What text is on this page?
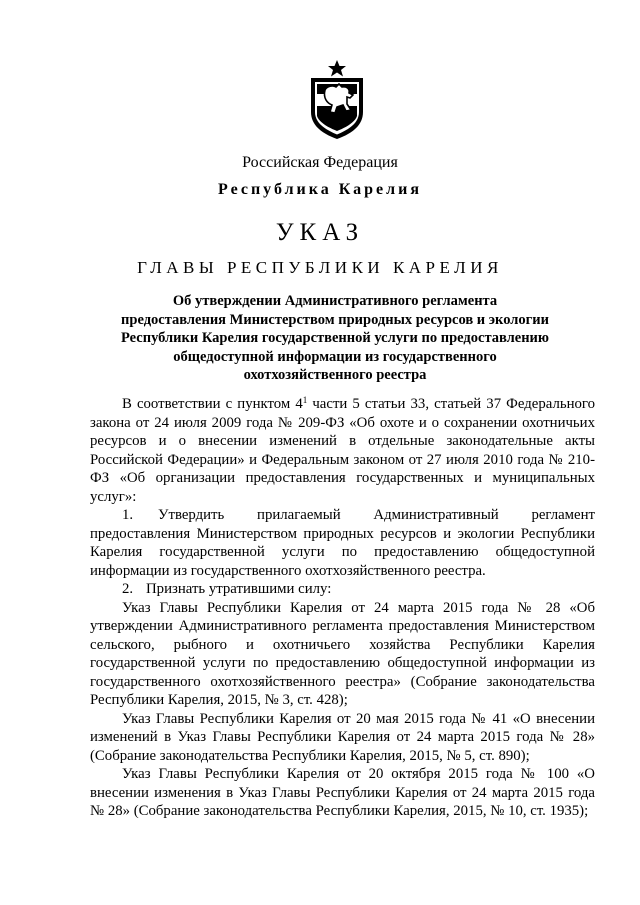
Российская Федерация
Республика Карелия
УКАЗ
ГЛАВЫ РЕСПУБЛИКИ КАРЕЛИЯ
Об утверждении Административного регламента
предоставления Министерством природных ресурсов и экологии
Республики Карелия государственной услуги по предоставлению
общедоступной информации из государственного
охотхозяйственного реестра

В соответствии с пунктом $4^1$ части 5 статьи 33, статьей 37 Федерального закона от 24 июля 2009 года № 209-ФЗ «Об охоте и о сохранении охотничьих ресурсов и о внесении изменений в отдельные законодательные акты Российской Федерации» и Федеральным законом от 27 июля 2010 года № 210-ФЗ «Об организации предоставления государственных и муниципальных услуг»:

1. Утвердить прилагаемый Административный регламент предоставления Министерством природных ресурсов и экологии Республики Карелия государственной услуги по предоставлению общедоступной информации из государственного охотхозяйственного реестра.

2. Признать утратившими силу:

Указ Главы Республики Карелия от 24 марта 2015 года № 28 «Об утверждении Административного регламента предоставления Министерством сельского, рыбного и охотничьего хозяйства Республики Карелия государственной услуги по предоставлению общедоступной информации из государственного охотхозяйственного реестра» (Собрание законодательства Республики Карелия, 2015, № 3, ст. 428);

Указ Главы Республики Карелия от 20 мая 2015 года № 41 «О внесении изменений в Указ Главы Республики Карелия от 24 марта 2015 года № 28» (Собрание законодательства Республики Карелия, 2015, № 5, ст. 890);

Указ Главы Республики Карелия от 20 октября 2015 года № 100 «О внесении изменения в Указ Главы Республики Карелия от 24 марта 2015 года № 28» (Собрание законодательства Республики Карелия, 2015, № 10, ст. 1935);
